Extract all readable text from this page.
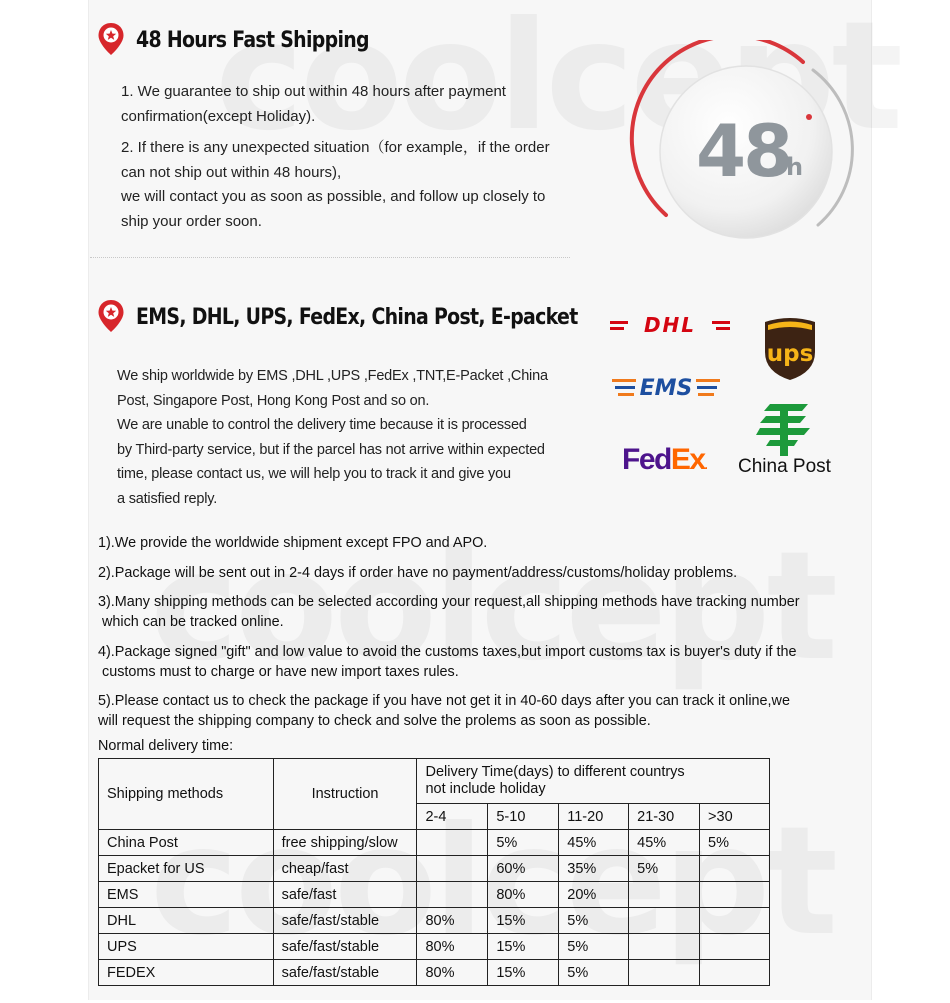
48 Hours Fast Shipping

1. We guarantee to ship out within 48 hours after payment

confirmation(except Holiday).

2. If there is any unexpected situation（for example，if the order

can not ship out within 48 hours),

we will contact you as soon as possible, and follow up closely to

ship your order soon.

48
h
EMS, DHL, UPS, FedEx, China Post, E-packet

We ship worldwide by EMS ,DHL ,UPS ,FedEx ,TNT,E-Packet ,China

Post, Singapore Post, Hong Kong Post and so on.

We are unable to control the delivery time because it is processed

by Third-party service, but if the parcel has not arrive within expected

time, please contact us, we will help you to track it and give you

a satisfied reply.

DHL
ups
EMS
FedEx. China Post
1).We provide the worldwide shipment except FPO and APO.
2).Package will be sent out in 2-4 days if order have no payment/address/customs/holiday problems.
3).Many shipping methods can be selected according your request,all shipping methods have tracking number
which can be tracked online.
4).Package signed "gift" and low value to avoid the customs taxes,but import customs tax is buyer's duty if the
customs must to charge or have new import taxes rules.
5).Please contact us to check the package if you have not get it in 40-60 days after you can track it online,we
will request the shipping company to check and solve the prolems as soon as possible.
Normal delivery time:
Shipping methods	Instruction	Delivery Time(days) to different countrys
not include holiday				

		2-4	5-10	11-20	21-30	>30
China Post	free shipping/slow		5%	45%	45%	5%
Epacket for US	cheap/fast		60%	35%	5%	
EMS	safe/fast		80%	20%		
DHL	safe/fast/stable	80%	15%	5%		
UPS	safe/fast/stable	80%	15%	5%		
FEDEX	safe/fast/stable	80%	15%	5%		
